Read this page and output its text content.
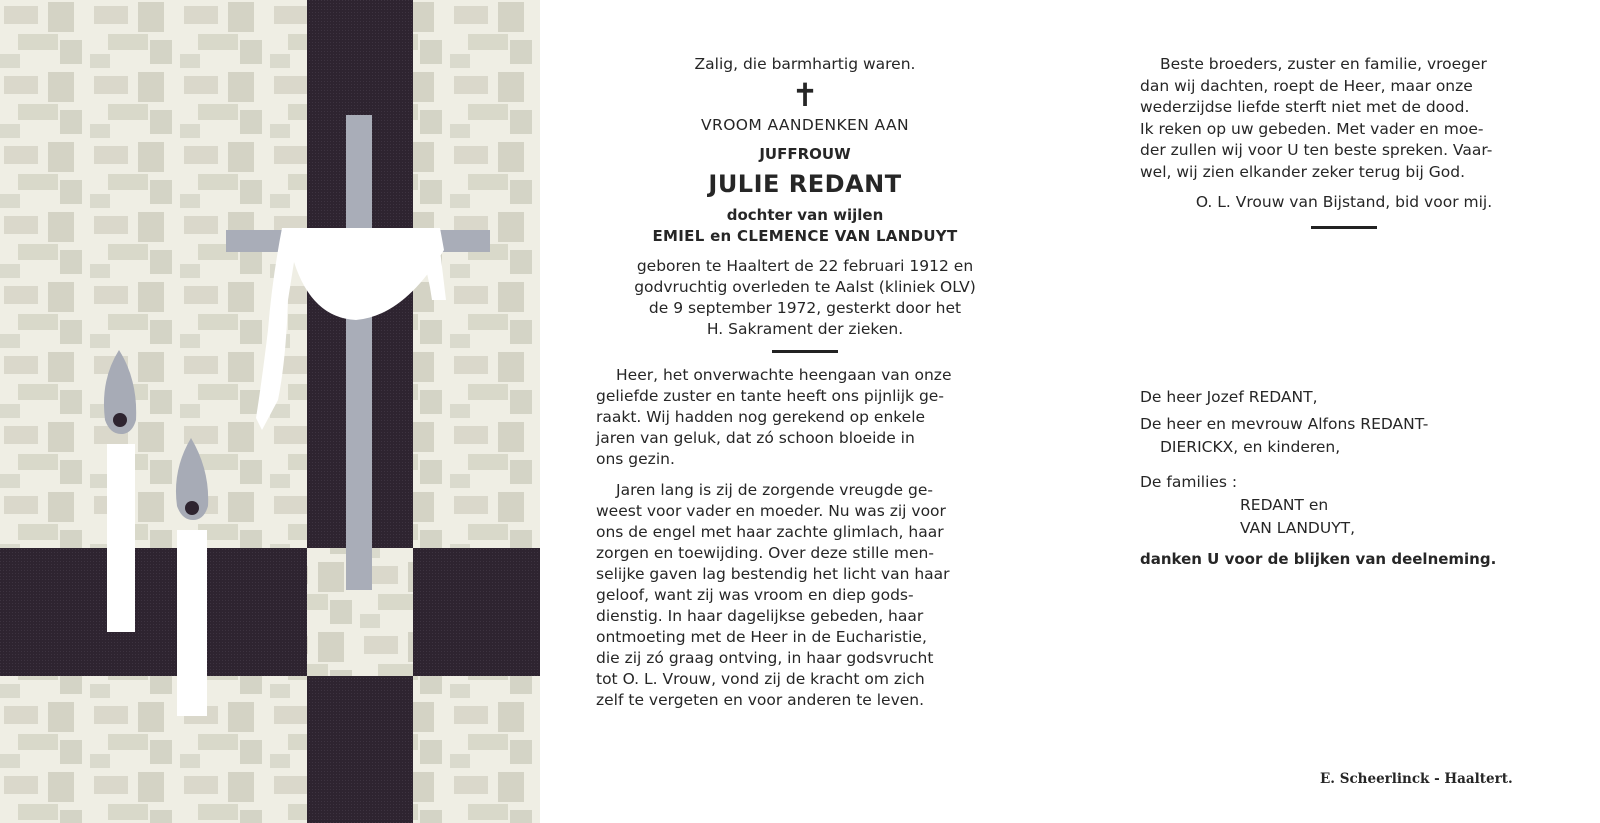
Zalig, die barmhartig waren.
✝
VROOM AANDENKEN AAN
JUFFROUW
JULIE REDANT
dochter van wijlen
EMIEL en CLEMENCE VAN LANDUYT
geboren te Haaltert de 22 februari 1912 en
godvruchtig overleden te Aalst (kliniek OLV)
de 9 september 1972, gesterkt door het
H. Sakrament der zieken.
Heer, het onverwachte heengaan van onze
geliefde zuster en tante heeft ons pijnlijk ge-
raakt. Wij hadden nog gerekend op enkele
jaren van geluk, dat zó schoon bloeide in
ons gezin.
Jaren lang is zij de zorgende vreugde ge-
weest voor vader en moeder. Nu was zij voor
ons de engel met haar zachte glimlach, haar
zorgen en toewijding. Over deze stille men-
selijke gaven lag bestendig het licht van haar
geloof, want zij was vroom en diep gods-
dienstig. In haar dagelijkse gebeden, haar
ontmoeting met de Heer in de Eucharistie,
die zij zó graag ontving, in haar godsvrucht
tot O. L. Vrouw, vond zij de kracht om zich
zelf te vergeten en voor anderen te leven.
Beste broeders, zuster en familie, vroeger
dan wij dachten, roept de Heer, maar onze
wederzijdse liefde sterft niet met de dood.
Ik reken op uw gebeden. Met vader en moe-
der zullen wij voor U ten beste spreken. Vaar-
wel, wij zien elkander zeker terug bij God.
O. L. Vrouw van Bijstand, bid voor mij.
De heer Jozef REDANT,
De heer en mevrouw Alfons REDANT-
DIERICKX, en kinderen,
De families :
REDANT en
VAN LANDUYT,
danken U voor de blijken van deelneming.
E. Scheerlinck - Haaltert.
